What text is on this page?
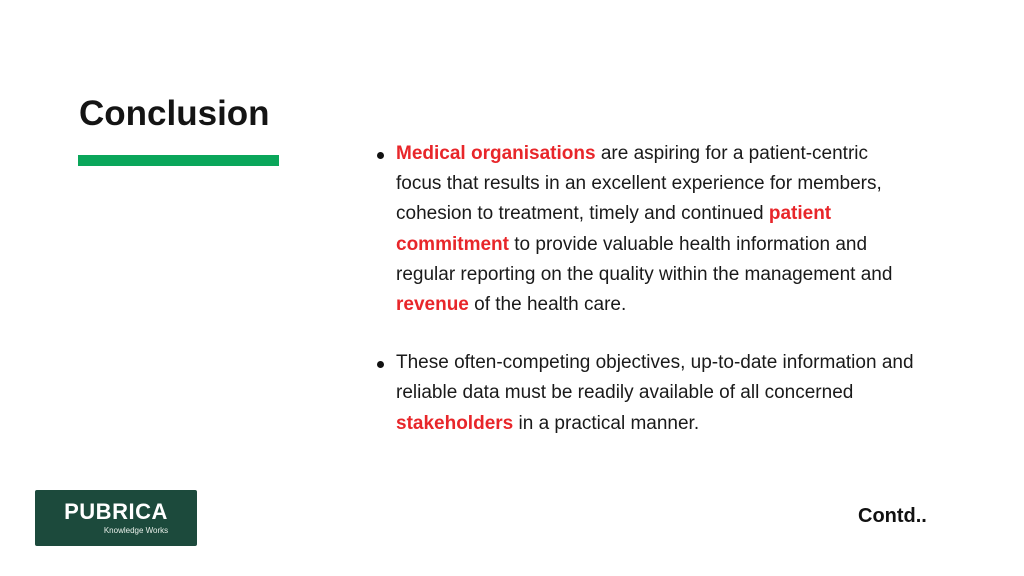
Conclusion
Medical organisations are aspiring for a patient-centric focus that results in an excellent experience for members, cohesion to treatment, timely and continued patient commitment to provide valuable health information and regular reporting on the quality within the management and revenue of the health care.
These often-competing objectives, up-to-date information and reliable data must be readily available of all concerned stakeholders in a practical manner.
PUBRICA
Knowledge Works
Contd..
